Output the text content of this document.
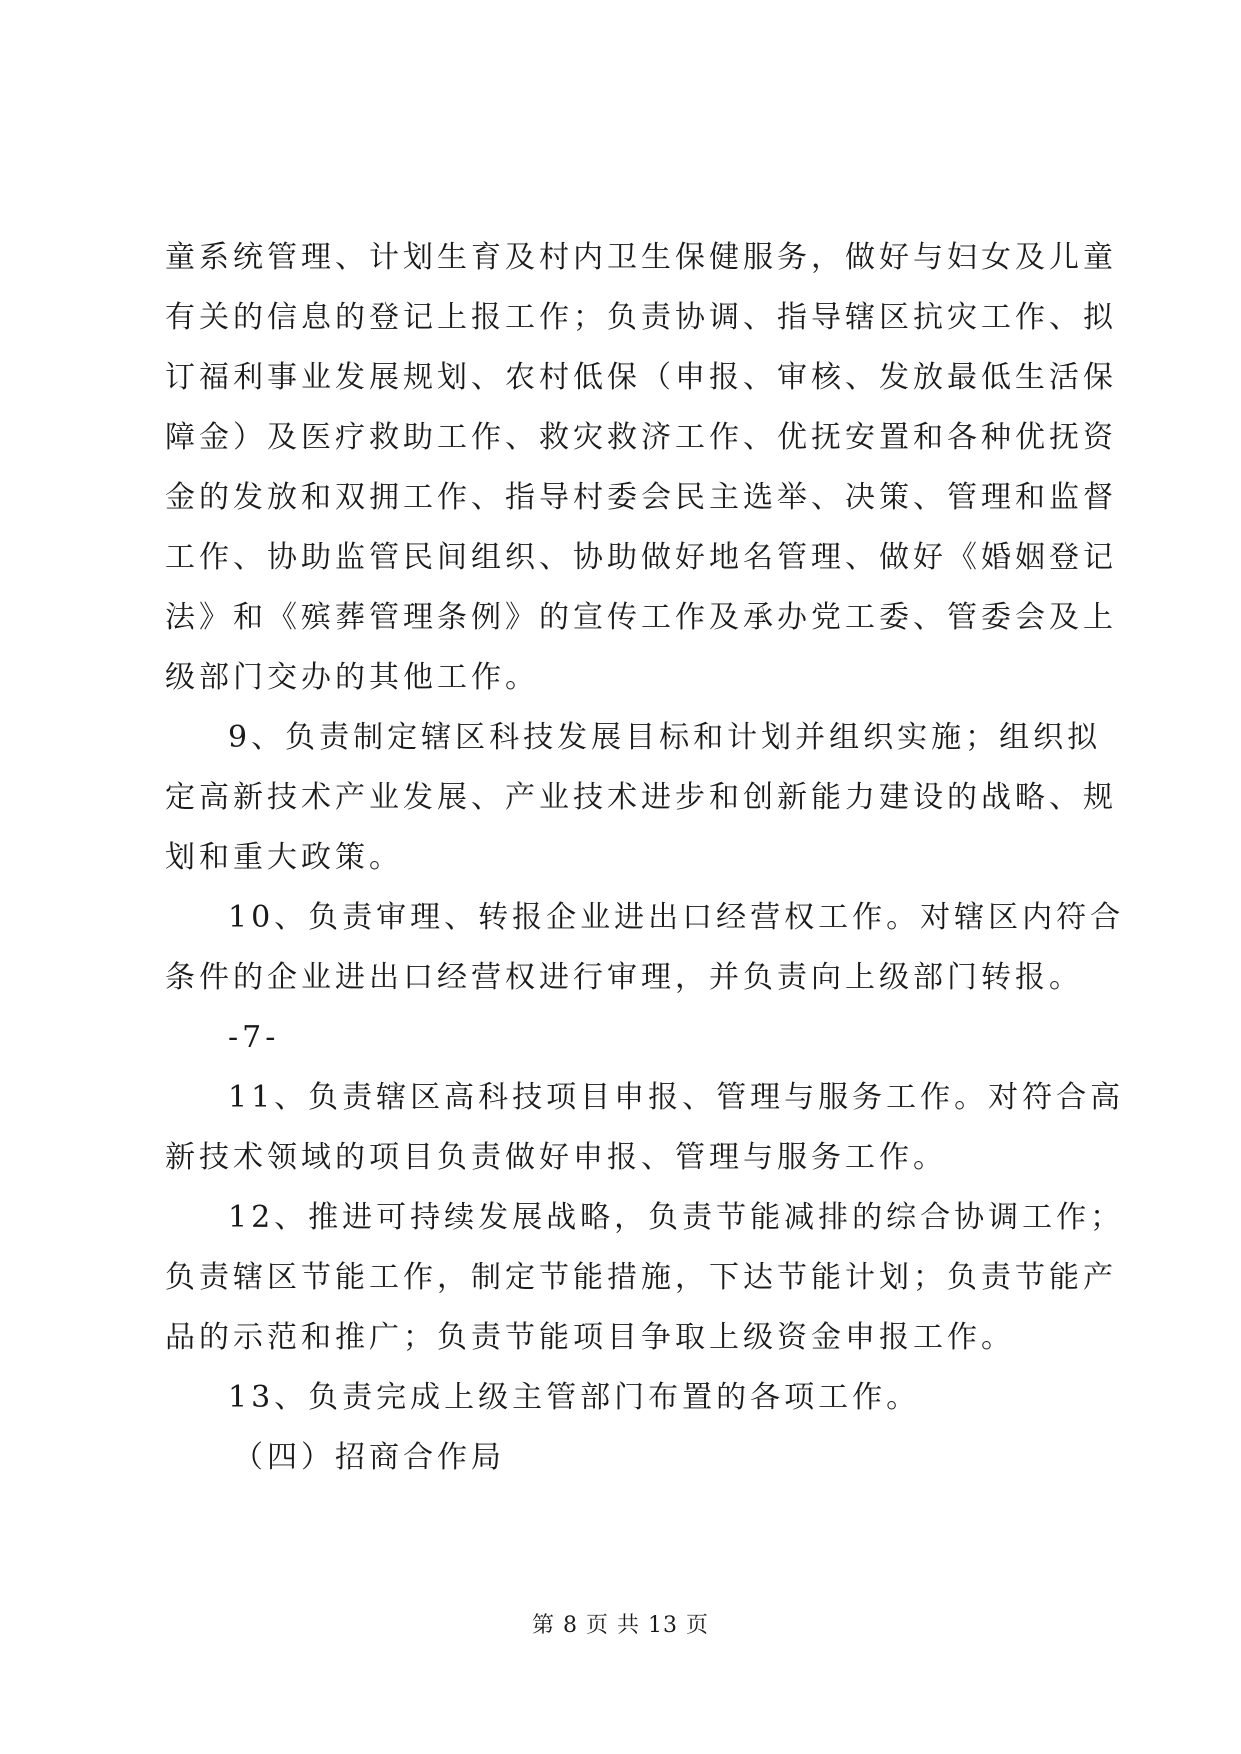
童系统管理、计划生育及村内卫生保健服务，做好与妇女及儿童
有关的信息的登记上报工作；负责协调、指导辖区抗灾工作、拟
订福利事业发展规划、农村低保（申报、审核、发放最低生活保
障金）及医疗救助工作、救灾救济工作、优抚安置和各种优抚资
金的发放和双拥工作、指导村委会民主选举、决策、管理和监督
工作、协助监管民间组织、协助做好地名管理、做好《婚姻登记
法》和《殡葬管理条例》的宣传工作及承办党工委、管委会及上
级部门交办的其他工作。
9、负责制定辖区科技发展目标和计划并组织实施；组织拟
定高新技术产业发展、产业技术进步和创新能力建设的战略、规
划和重大政策。
10、负责审理、转报企业进出口经营权工作。对辖区内符合
条件的企业进出口经营权进行审理，并负责向上级部门转报。
-7-
11、负责辖区高科技项目申报、管理与服务工作。对符合高
新技术领域的项目负责做好申报、管理与服务工作。
12、推进可持续发展战略，负责节能减排的综合协调工作；
负责辖区节能工作，制定节能措施，下达节能计划；负责节能产
品的示范和推广；负责节能项目争取上级资金申报工作。
13、负责完成上级主管部门布置的各项工作。
（四）招商合作局
第 8 页 共 13 页
